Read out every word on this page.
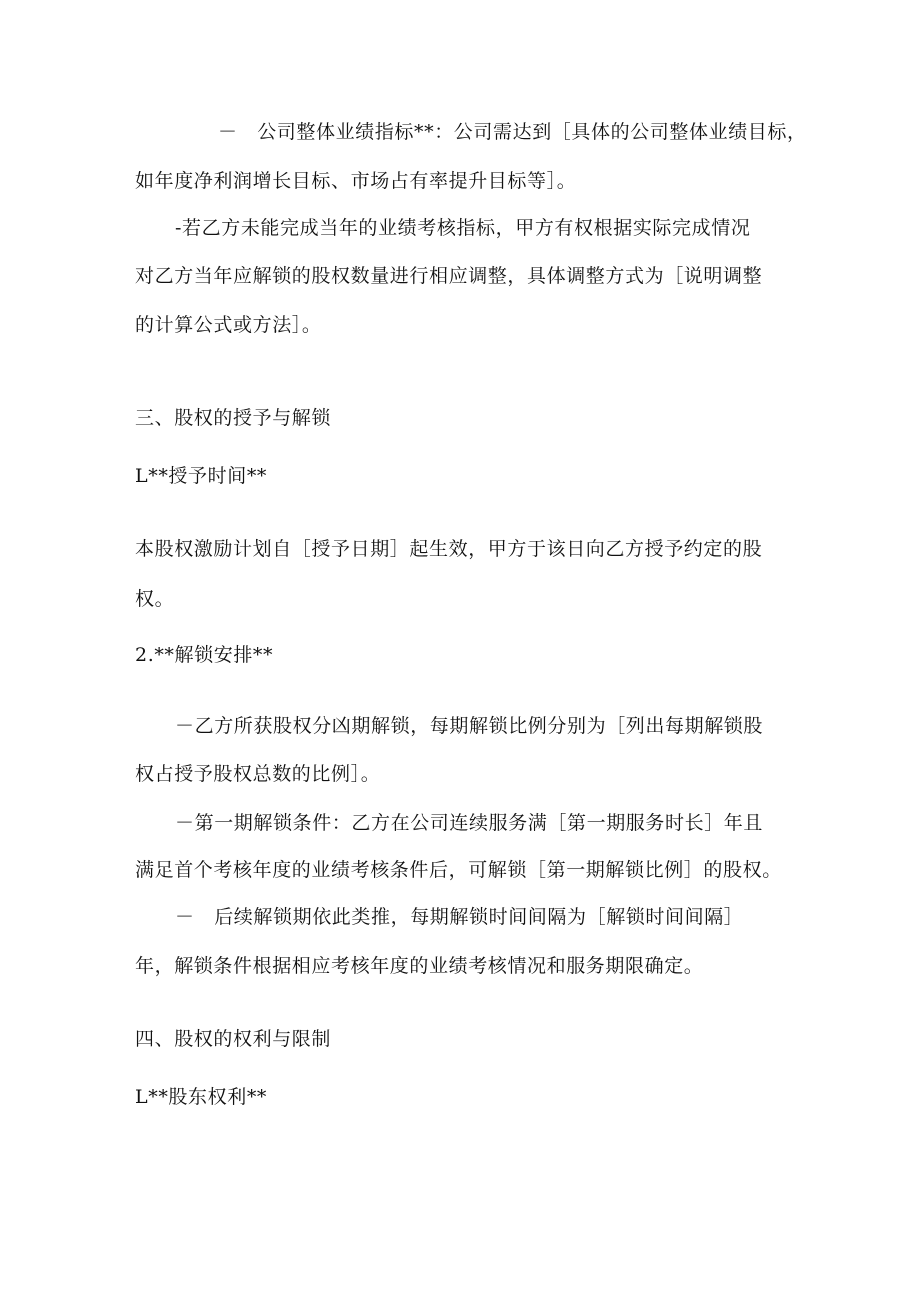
－　公司整体业绩指标**：公司需达到［具体的公司整体业绩目标，
如年度净利润增长目标、市场占有率提升目标等］。
-若乙方未能完成当年的业绩考核指标，甲方有权根据实际完成情况
对乙方当年应解锁的股权数量进行相应调整，具体调整方式为［说明调整
的计算公式或方法］。
三、股权的授予与解锁
L**授予时间**
本股权激励计划自［授予日期］起生效，甲方于该日向乙方授予约定的股
权。
2.**解锁安排**
－乙方所获股权分凶期解锁，每期解锁比例分别为［列出每期解锁股
权占授予股权总数的比例］。
－第一期解锁条件：乙方在公司连续服务满［第一期服务时长］年且
满足首个考核年度的业绩考核条件后，可解锁［第一期解锁比例］的股权。
－　后续解锁期依此类推，每期解锁时间间隔为［解锁时间间隔］
年，解锁条件根据相应考核年度的业绩考核情况和服务期限确定。
四、股权的权利与限制
L**股东权利**
